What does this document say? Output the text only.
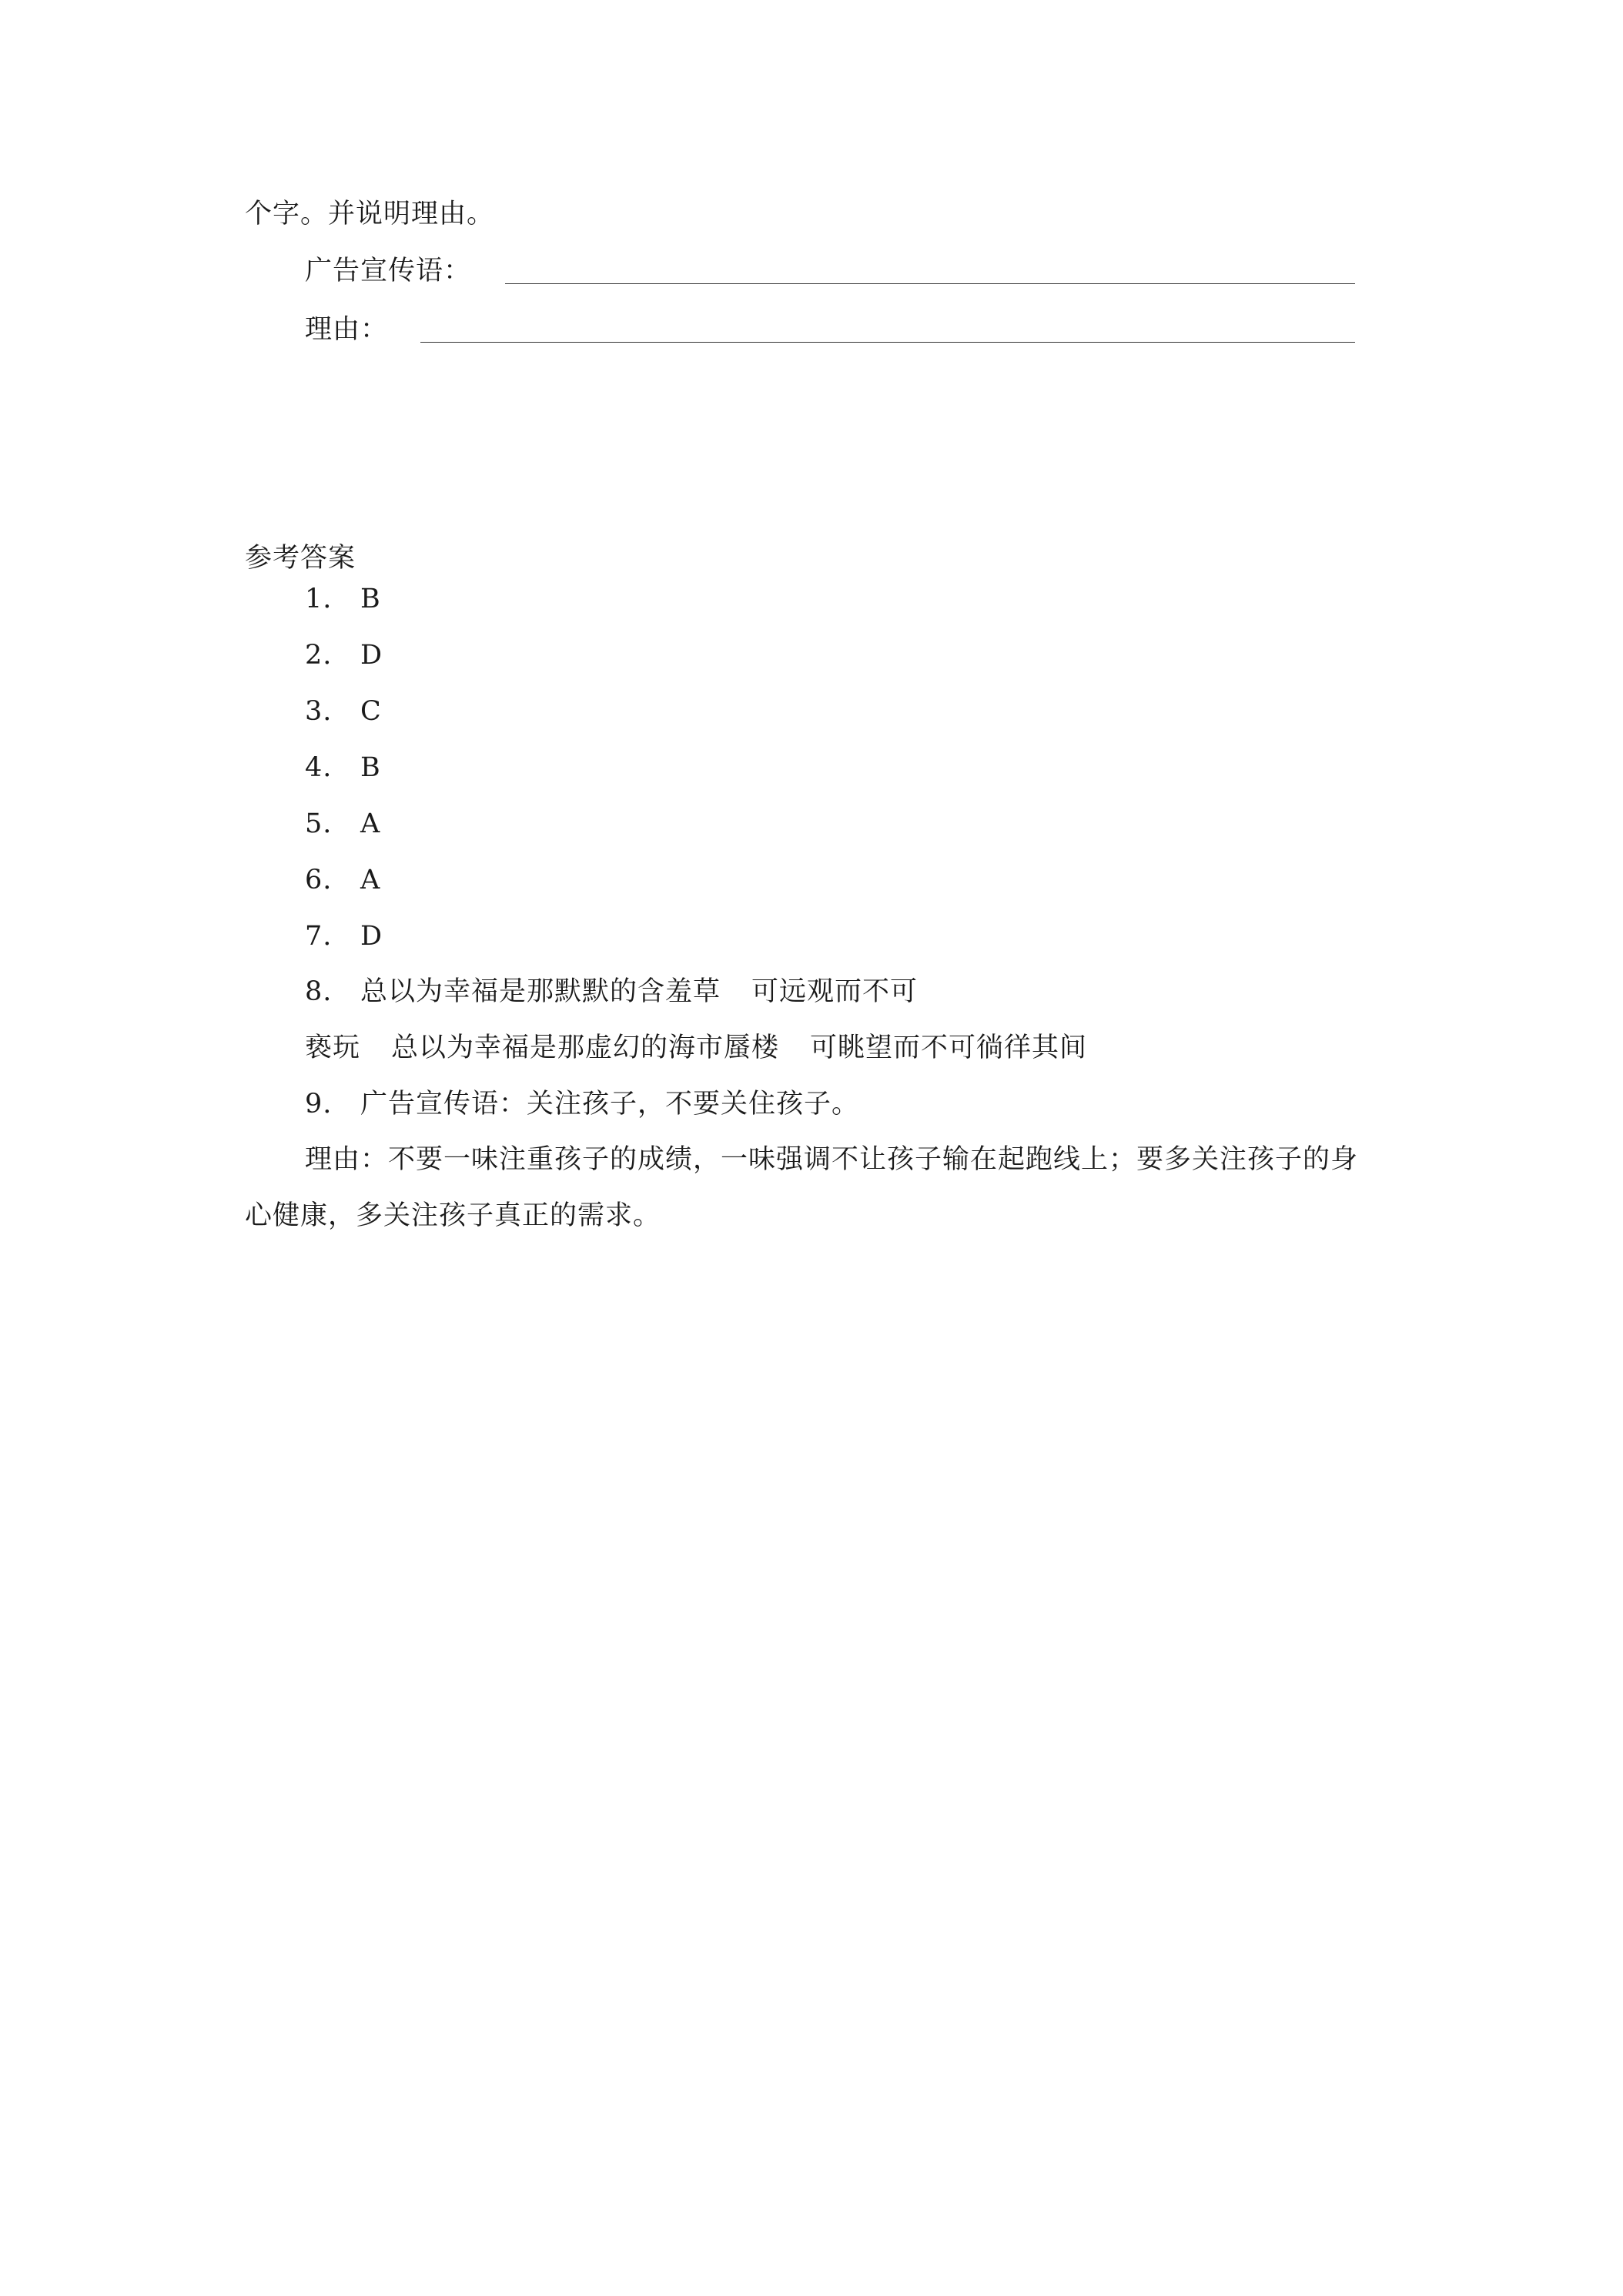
个字。并说明理由。
广告宣传语：
理由：
参考答案
1. B
2. D
3. C
4. B
5. A
6. A
7. D
8. 总以为幸福是那默默的含羞草 可远观而不可
亵玩 总以为幸福是那虚幻的海市蜃楼 可眺望而不可徜徉其间
9. 广告宣传语：关注孩子，不要关住孩子。
理由：不要一味注重孩子的成绩，一味强调不让孩子输在起跑线上；要多关注孩子的身
心健康，多关注孩子真正的需求。
